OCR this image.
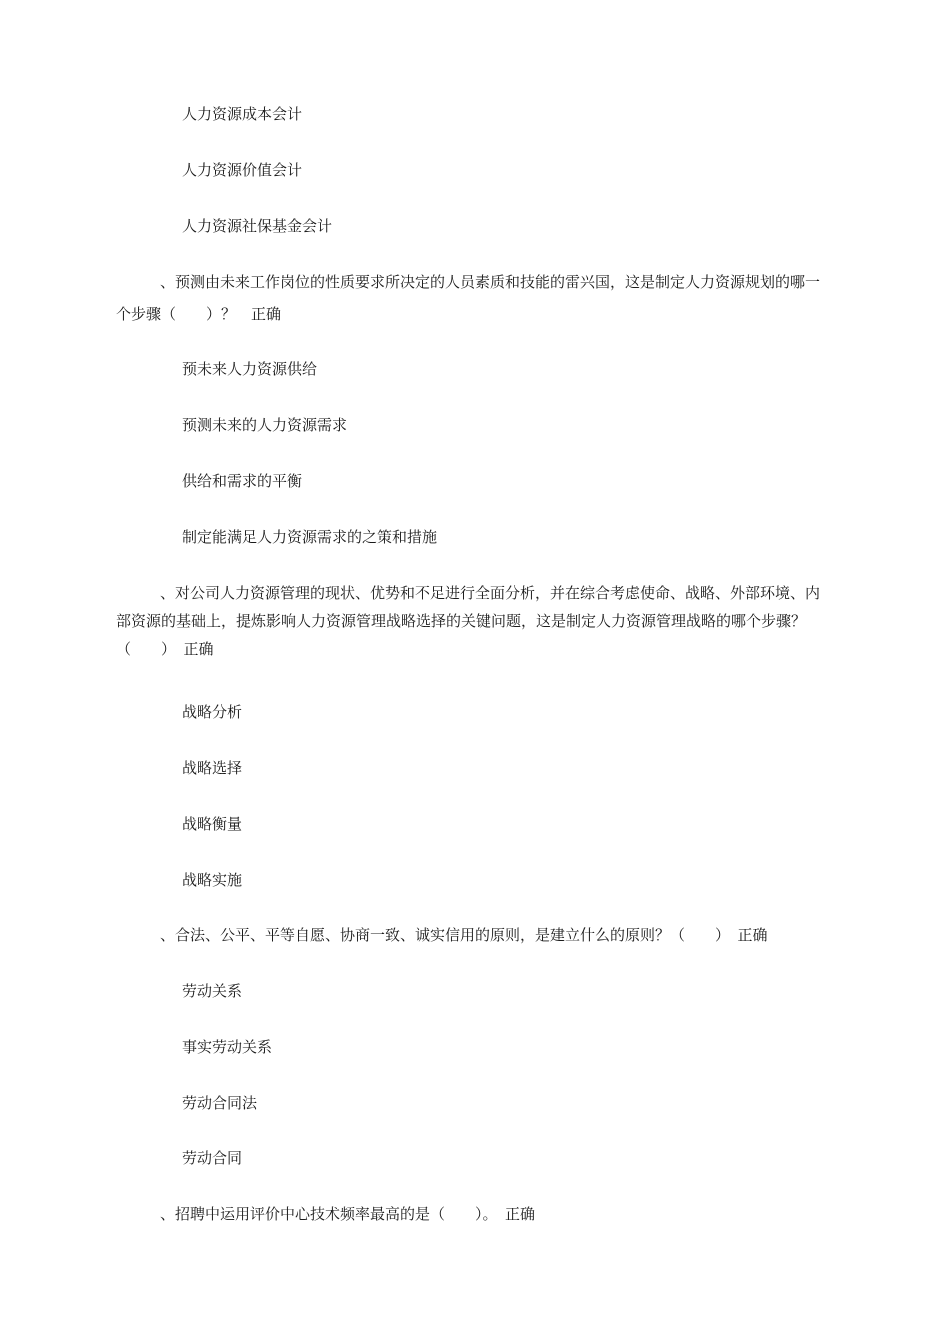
人力资源成本会计
人力资源价值会计
人力资源社保基金会计
、预测由未来工作岗位的性质要求所决定的人员素质和技能的雷兴国，这是制定人力资源规划的哪一
个步骤（　　）？　正确
预未来人力资源供给
预测未来的人力资源需求
供给和需求的平衡
制定能满足人力资源需求的之策和措施
、对公司人力资源管理的现状、优势和不足进行全面分析，并在综合考虑使命、战略、外部环境、内
部资源的基础上，提炼影响人力资源管理战略选择的关键问题，这是制定人力资源管理战略的哪个步骤？
（　　）　正确
战略分析
战略选择
战略衡量
战略实施
、合法、公平、平等自愿、协商一致、诚实信用的原则，是建立什么的原则？（　　）　正确
劳动关系
事实劳动关系
劳动合同法
劳动合同
、招聘中运用评价中心技术频率最高的是（　　）。　正确
